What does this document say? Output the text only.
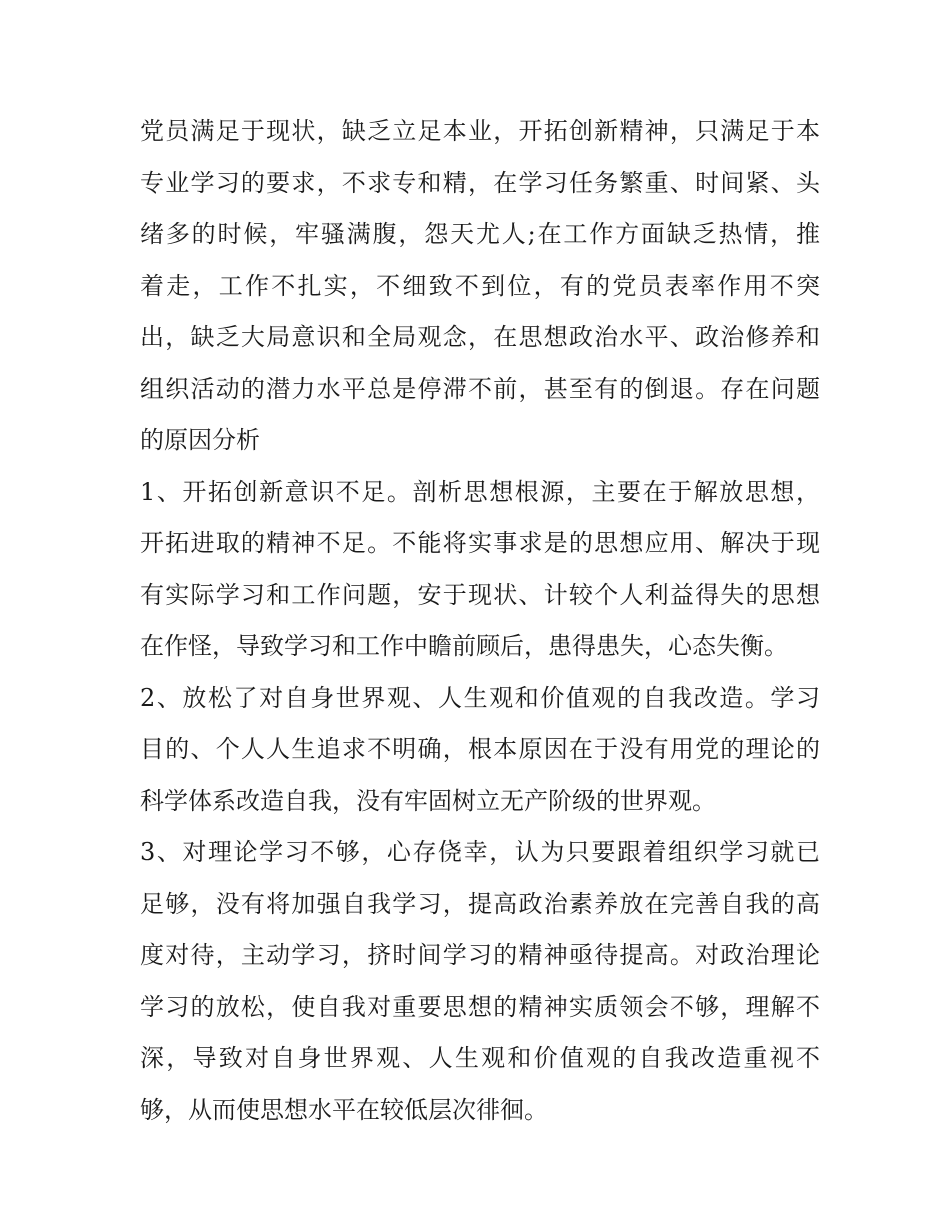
党员满足于现状，缺乏立足本业，开拓创新精神，只满足于本
专业学习的要求，不求专和精，在学习任务繁重、时间紧、头
绪多的时候，牢骚满腹，怨天尤人;在工作方面缺乏热情，推
着走，工作不扎实，不细致不到位，有的党员表率作用不突
出，缺乏大局意识和全局观念，在思想政治水平、政治修养和
组织活动的潜力水平总是停滞不前，甚至有的倒退。存在问题
的原因分析
1、开拓创新意识不足。剖析思想根源，主要在于解放思想，
开拓进取的精神不足。不能将实事求是的思想应用、解决于现
有实际学习和工作问题，安于现状、计较个人利益得失的思想
在作怪，导致学习和工作中瞻前顾后，患得患失，心态失衡。
2、放松了对自身世界观、人生观和价值观的自我改造。学习
目的、个人人生追求不明确，根本原因在于没有用党的理论的
科学体系改造自我，没有牢固树立无产阶级的世界观。
3、对理论学习不够，心存侥幸，认为只要跟着组织学习就已
足够，没有将加强自我学习，提高政治素养放在完善自我的高
度对待，主动学习，挤时间学习的精神亟待提高。对政治理论
学习的放松，使自我对重要思想的精神实质领会不够，理解不
深，导致对自身世界观、人生观和价值观的自我改造重视不
够，从而使思想水平在较低层次徘徊。
